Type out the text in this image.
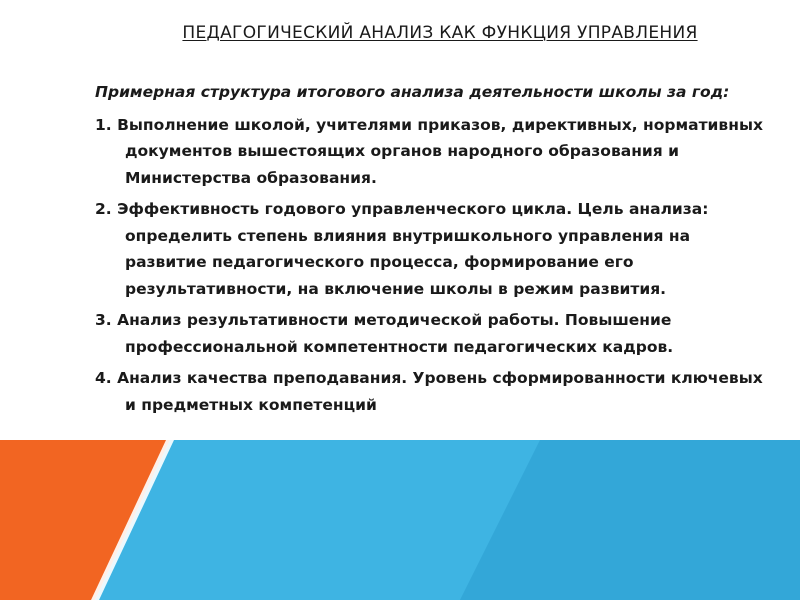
ПЕДАГОГИЧЕСКИЙ АНАЛИЗ КАК ФУНКЦИЯ УПРАВЛЕНИЯ

Примерная структура итогового анализа деятельности школы за год:

1. Выполнение школой, учителями приказов, директивных, нормативных документов вышестоящих органов народного образования и Министерства образования.

2. Эффективность годового управленческого цикла. Цель анализа: определить степень влияния внутришкольного управления на развитие педагогического процесса, формирование его результативности, на включение школы в режим развития.

3. Анализ результативности методической работы. Повышение профессиональной компетентности педагогических кадров.

4. Анализ качества преподавания. Уровень сформированности ключевых и предметных компетенций
